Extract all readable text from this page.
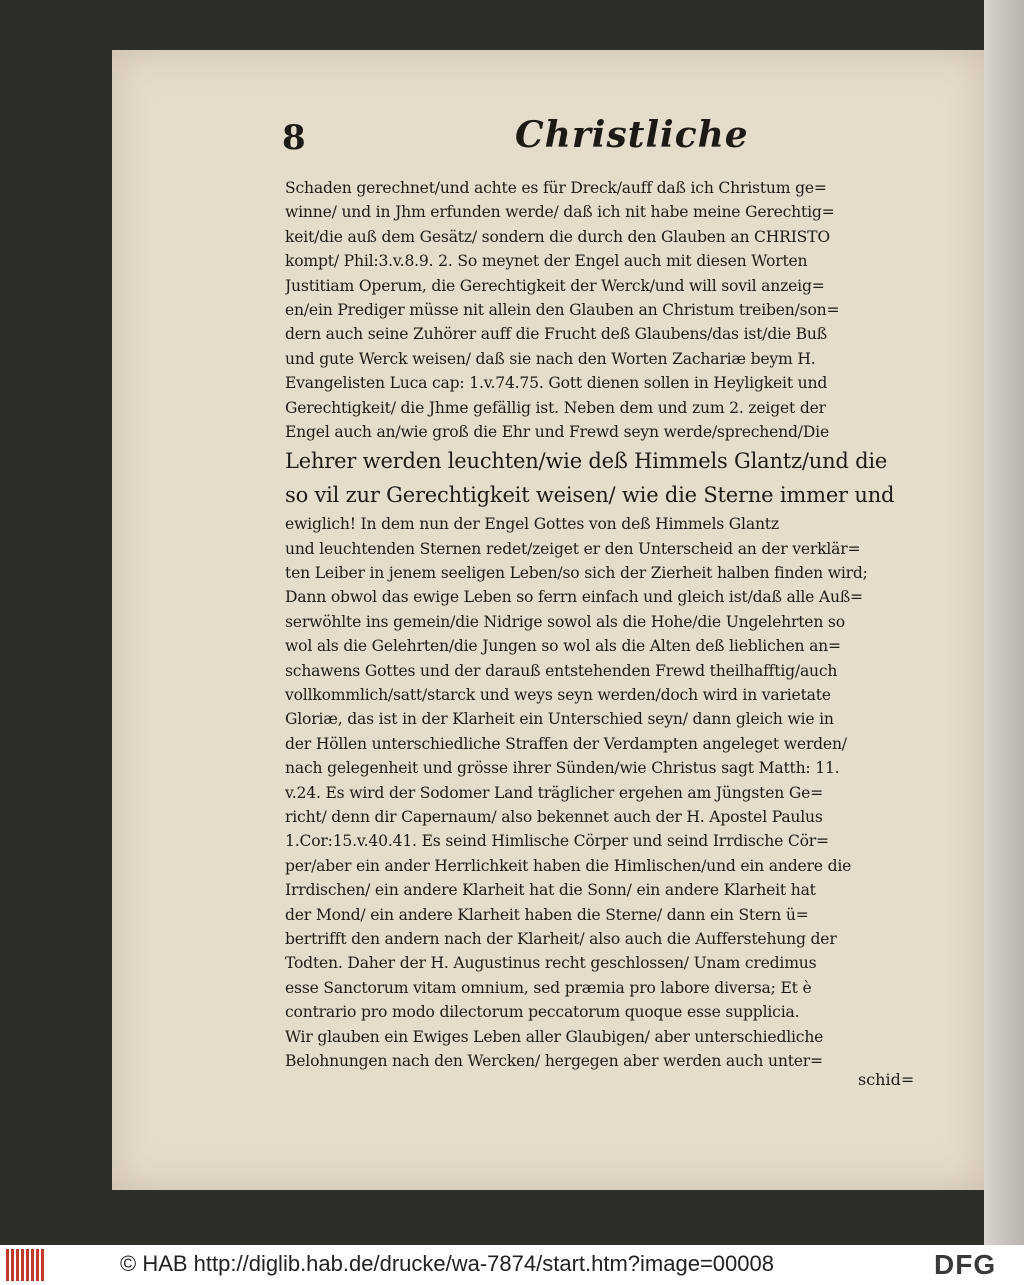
8	Christliche
Schaden gerechnet/und achte es für Dreck/auff daß ich Christum ge=
winne/ und in Jhm erfunden werde/ daß ich nit habe meine Gerechtig=
keit/die auß dem Gesätz/ sondern die durch den Glauben an CHRISTO
kompt/ Phil:3.v.8.9. 2. So meynet der Engel auch mit diesen Worten
Justitiam Operum, die Gerechtigkeit der Werck/und will sovil anzeig=
en/ein Prediger müsse nit allein den Glauben an Christum treiben/son=
dern auch seine Zuhörer auff die Frucht deß Glaubens/das ist/die Buß
und gute Werck weisen/ daß sie nach den Worten Zachariæ beym H.
Evangelisten Luca cap: 1.v.74.75. Gott dienen sollen in Heyligkeit und
Gerechtigkeit/ die Jhme gefällig ist. Neben dem und zum 2. zeiget der
Engel auch an/wie groß die Ehr und Frewd seyn werde/sprechend/Die
Lehrer werden leuchten/wie deß Himmels Glantz/und die
so vil zur Gerechtigkeit weisen/ wie die Sterne immer und
ewiglich! In dem nun der Engel Gottes von deß Himmels Glantz
und leuchtenden Sternen redet/zeiget er den Unterscheid an der verklär=
ten Leiber in jenem seeligen Leben/so sich der Zierheit halben finden wird;
Dann obwol das ewige Leben so ferrn einfach und gleich ist/daß alle Auß=
serwöhlte ins gemein/die Nidrige sowol als die Hohe/die Ungelehrten so
wol als die Gelehrten/die Jungen so wol als die Alten deß lieblichen an=
schawens Gottes und der darauß entstehenden Frewd theilhafftig/auch
vollkommlich/satt/starck und weys seyn werden/doch wird in varietate
Gloriæ, das ist in der Klarheit ein Unterschied seyn/ dann gleich wie in
der Höllen unterschiedliche Straffen der Verdampten angeleget werden/
nach gelegenheit und grösse ihrer Sünden/wie Christus sagt Matth: 11.
v.24. Es wird der Sodomer Land träglicher ergehen am Jüngsten Ge=
richt/ denn dir Capernaum/ also bekennet auch der H. Apostel Paulus
1.Cor:15.v.40.41. Es seind Himlische Cörper und seind Irrdische Cör=
per/aber ein ander Herrlichkeit haben die Himlischen/und ein andere die
Irrdischen/ ein andere Klarheit hat die Sonn/ ein andere Klarheit hat
der Mond/ ein andere Klarheit haben die Sterne/ dann ein Stern ü=
bertrifft den andern nach der Klarheit/ also auch die Aufferstehung der
Todten. Daher der H. Augustinus recht geschlossen/ Unam credimus
esse Sanctorum vitam omnium, sed præmia pro labore diversa; Et è
contrario pro modo dilectorum peccatorum quoque esse supplicia.
Wir glauben ein Ewiges Leben aller Glaubigen/ aber unterschiedliche
Belohnungen nach den Wercken/ hergegen aber werden auch unter=
schid=
© HAB http://diglib.hab.de/drucke/wa-7874/start.htm?image=00008	DFG
